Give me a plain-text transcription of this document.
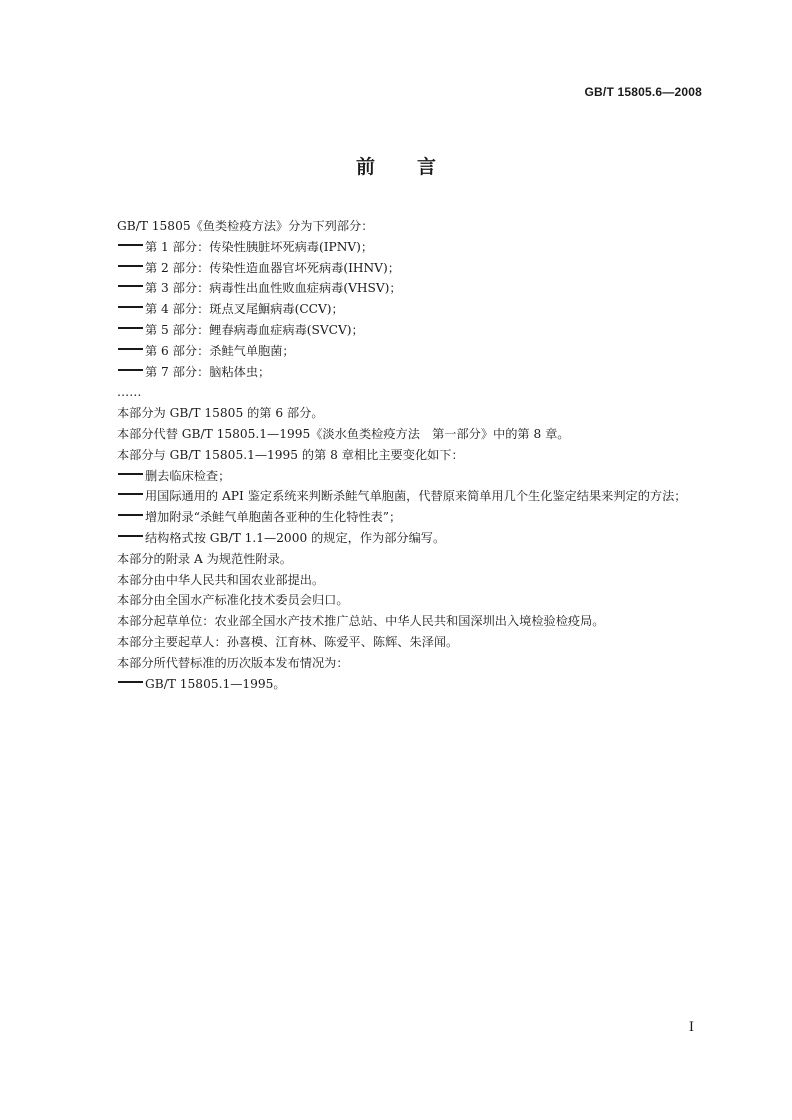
GB/T 15805.6—2008
前言
GB/T 15805《鱼类检疫方法》分为下列部分：
第 1 部分：传染性胰脏坏死病毒(IPNV)；
第 2 部分：传染性造血器官坏死病毒(IHNV)；
第 3 部分：病毒性出血性败血症病毒(VHSV)；
第 4 部分：斑点叉尾鮰病毒(CCV)；
第 5 部分：鲤春病毒血症病毒(SVCV)；
第 6 部分：杀鲑气单胞菌；
第 7 部分：脑粘体虫；
……
本部分为 GB/T 15805 的第 6 部分。
本部分代替 GB/T 15805.1—1995《淡水鱼类检疫方法　第一部分》中的第 8 章。
本部分与 GB/T 15805.1—1995 的第 8 章相比主要变化如下：
删去临床检查；
用国际通用的 API 鉴定系统来判断杀鲑气单胞菌，代替原来简单用几个生化鉴定结果来判定的方法；
增加附录“杀鲑气单胞菌各亚种的生化特性表”；
结构格式按 GB/T 1.1—2000 的规定，作为部分编写。
本部分的附录 A 为规范性附录。
本部分由中华人民共和国农业部提出。
本部分由全国水产标准化技术委员会归口。
本部分起草单位：农业部全国水产技术推广总站、中华人民共和国深圳出入境检验检疫局。
本部分主要起草人：孙喜模、江育林、陈爱平、陈辉、朱泽闻。
本部分所代替标准的历次版本发布情况为：
GB/T 15805.1—1995。
I
